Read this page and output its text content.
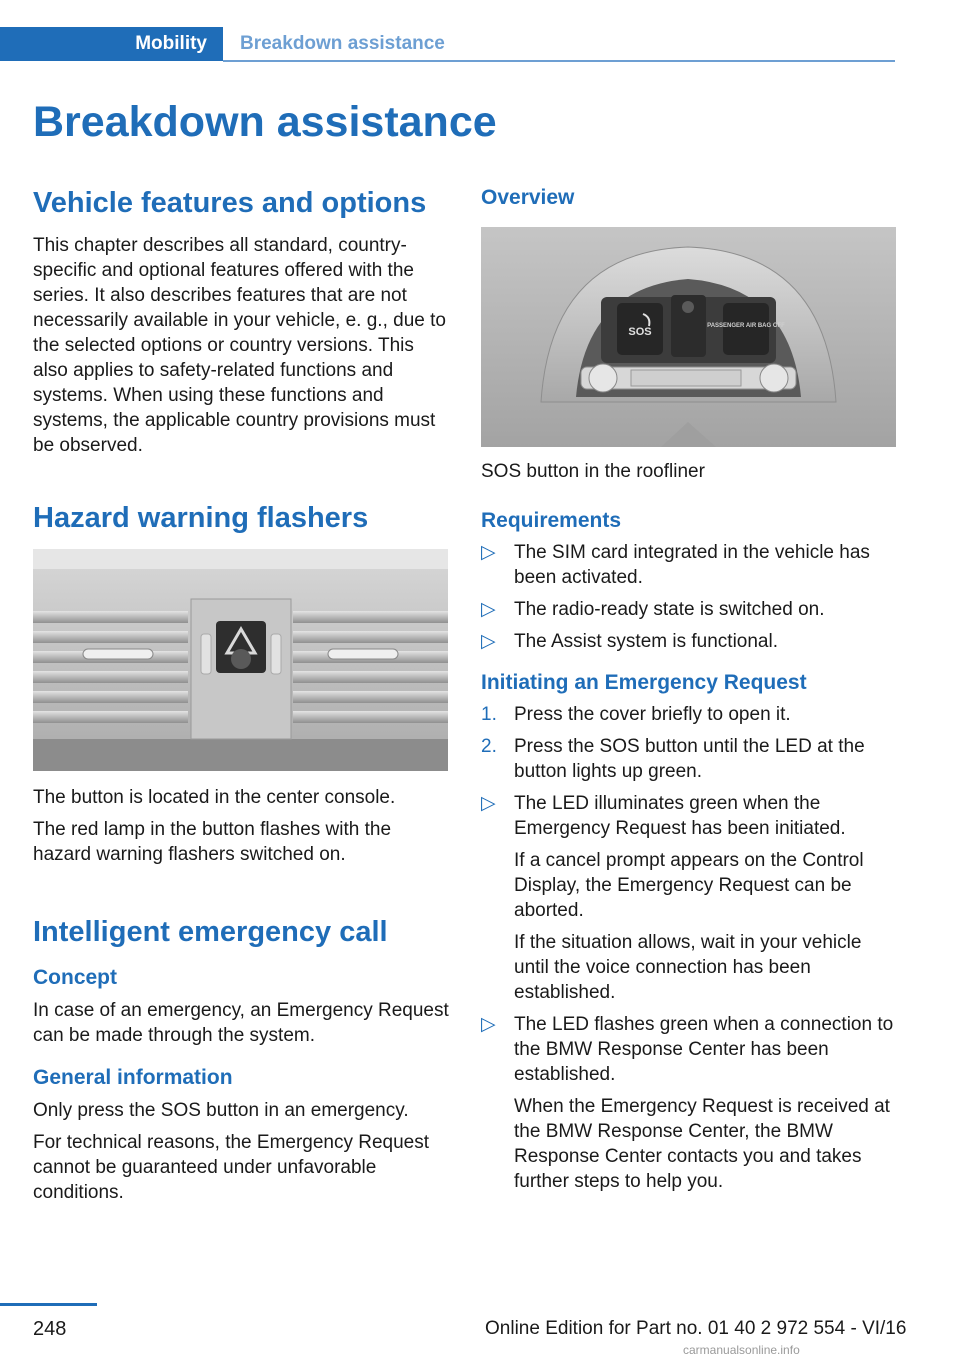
Mobility	Breakdown assistance
Breakdown assistance
Vehicle features and options

This chapter describes all standard, country-specific and optional features offered with the series. It also describes features that are not necessarily available in your vehicle, e. g., due to the selected options or country versions. This also applies to safety-related functions and systems. When using these functions and systems, the applicable country provisions must be observed.

Hazard warning flashers

The button is located in the center console.

The red lamp in the button flashes with the hazard warning flashers switched on.

Intelligent emergency call
Concept

In case of an emergency, an Emergency Request can be made through the system.

General information

Only press the SOS button in an emergency.

For technical reasons, the Emergency Request cannot be guaranteed under unfavorable conditions.

Overview
SOS	PASSENGER AIR BAG OFF

SOS button in the roofliner

Requirements
▷ The SIM card integrated in the vehicle has been activated.
▷ The radio-ready state is switched on.
▷ The Assist system is functional.
Initiating an Emergency Request
1. Press the cover briefly to open it.
2. Press the SOS button until the LED at the button lights up green.
▷ The LED illuminates green when the Emergency Request has been initiated.
If a cancel prompt appears on the Control Display, the Emergency Request can be aborted.
If the situation allows, wait in your vehicle until the voice connection has been established.
▷ The LED flashes green when a connection to the BMW Response Center has been established.
When the Emergency Request is received at the BMW Response Center, the BMW Response Center contacts you and takes further steps to help you.
248	Online Edition for Part no. 01 40 2 972 554 - VI/16
carmanualsonline.info
